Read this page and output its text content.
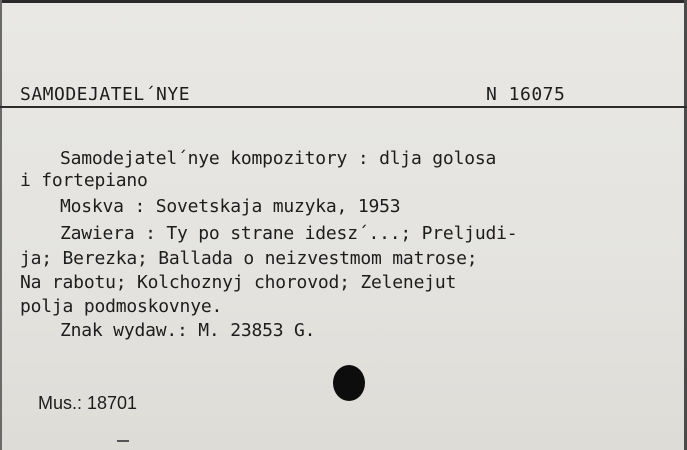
SAMODEJATEL´NYE	N 16075
Samodejatel´nye kompozitory : dlja golosa
i fortepiano
Moskva : Sovetskaja muzyka, 1953
Zawiera : Ty po strane idesz´...; Preljudi-
ja; Berezka; Ballada o neizvestmom matrose;
Na rabotu; Kolchoznyj chorovod; Zelenejut
polja podmoskovnye.
Znak wydaw.: M. 23853 G.
Mus.: 18701
